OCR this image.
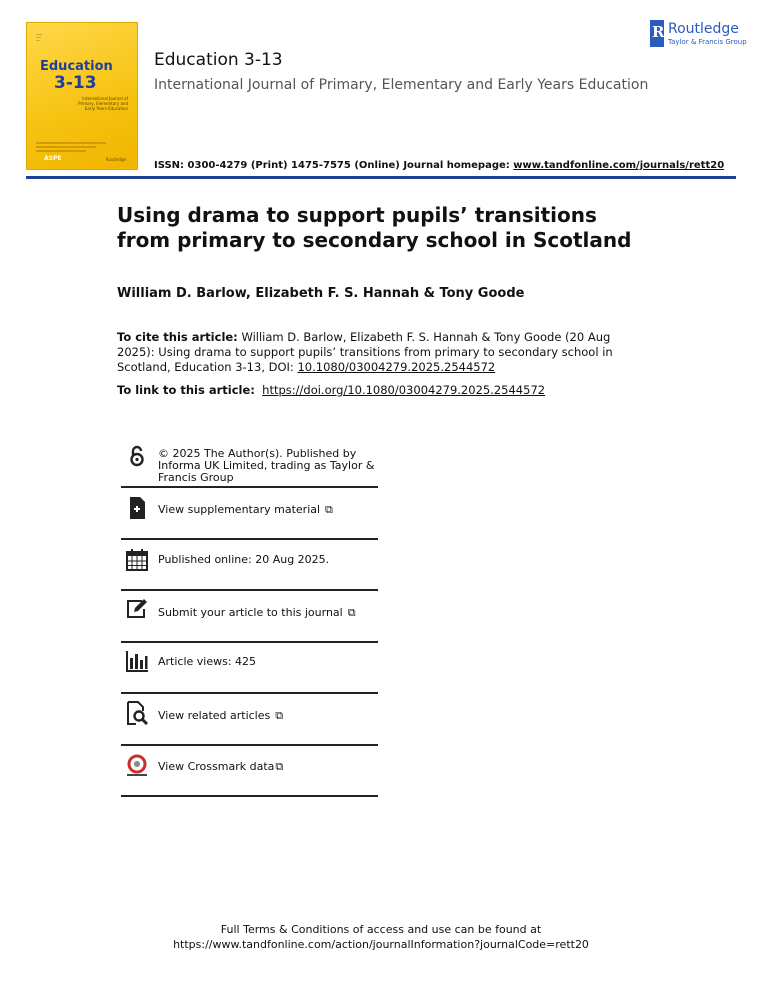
━━━━━
━━━━
━━━
Education
3-13
International Journal of Primary, Elementary and Early Years Education
ASPE	Routledge
Education 3-13
International Journal of Primary, Elementary and Early Years Education
ISSN: 0300-4279 (Print) 1475-7575 (Online) Journal homepage: www.tandfonline.com/journals/rett20
R Routledge
Taylor & Francis Group
Using drama to support pupils’ transitions from primary to secondary school in Scotland
William D. Barlow, Elizabeth F. S. Hannah & Tony Goode
To cite this article: William D. Barlow, Elizabeth F. S. Hannah & Tony Goode (20 Aug 2025): Using drama to support pupils’ transitions from primary to secondary school in Scotland, Education 3-13, DOI: 10.1080/03004279.2025.2544572
To link to this article: https://doi.org/10.1080/03004279.2025.2544572
© 2025 The Author(s). Published by Informa UK Limited, trading as Taylor & Francis Group
View supplementary material ⧉
Published online: 20 Aug 2025.
Submit your article to this journal ⧉
Article views: 425
View related articles ⧉
View Crossmark data⧉
Full Terms & Conditions of access and use can be found at
https://www.tandfonline.com/action/journalInformation?journalCode=rett20
